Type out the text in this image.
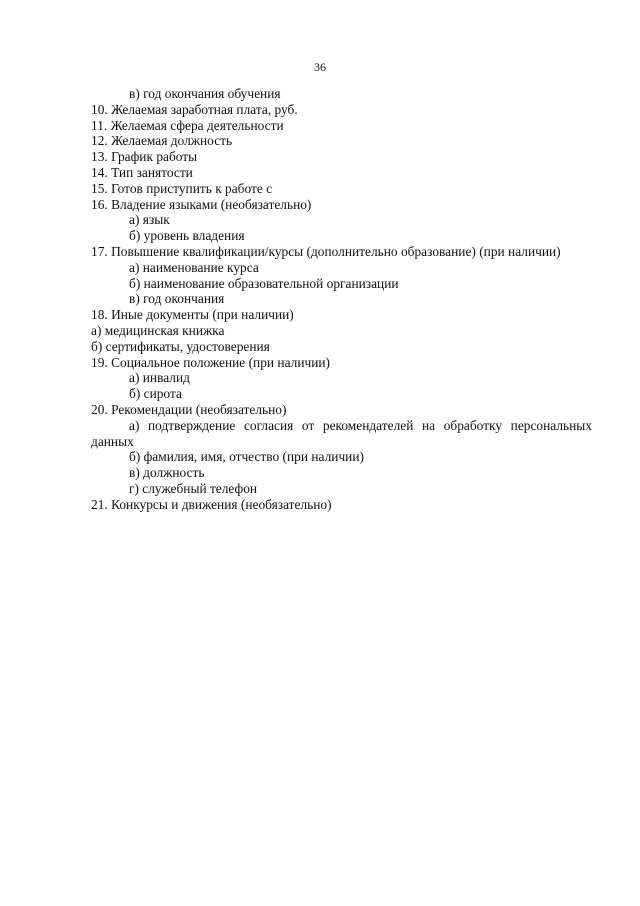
36
в) год окончания обучения
10. Желаемая заработная плата, руб.
11. Желаемая сфера деятельности
12. Желаемая должность
13. График работы
14. Тип занятости
15. Готов приступить к работе с
16. Владение языками (необязательно)
а) язык
б) уровень владения
17. Повышение квалификации/курсы (дополнительно образование) (при наличии)
а) наименование курса
б) наименование образовательной организации
в) год окончания
18. Иные документы (при наличии)
а) медицинская книжка
б) сертификаты, удостоверения
19. Социальное положение (при наличии)
а) инвалид
б) сирота
20. Рекомендации (необязательно)
а) подтверждение согласия от рекомендателей на обработку персональных
данных
б) фамилия, имя, отчество (при наличии)
в) должность
г) служебный телефон
21. Конкурсы и движения (необязательно)
